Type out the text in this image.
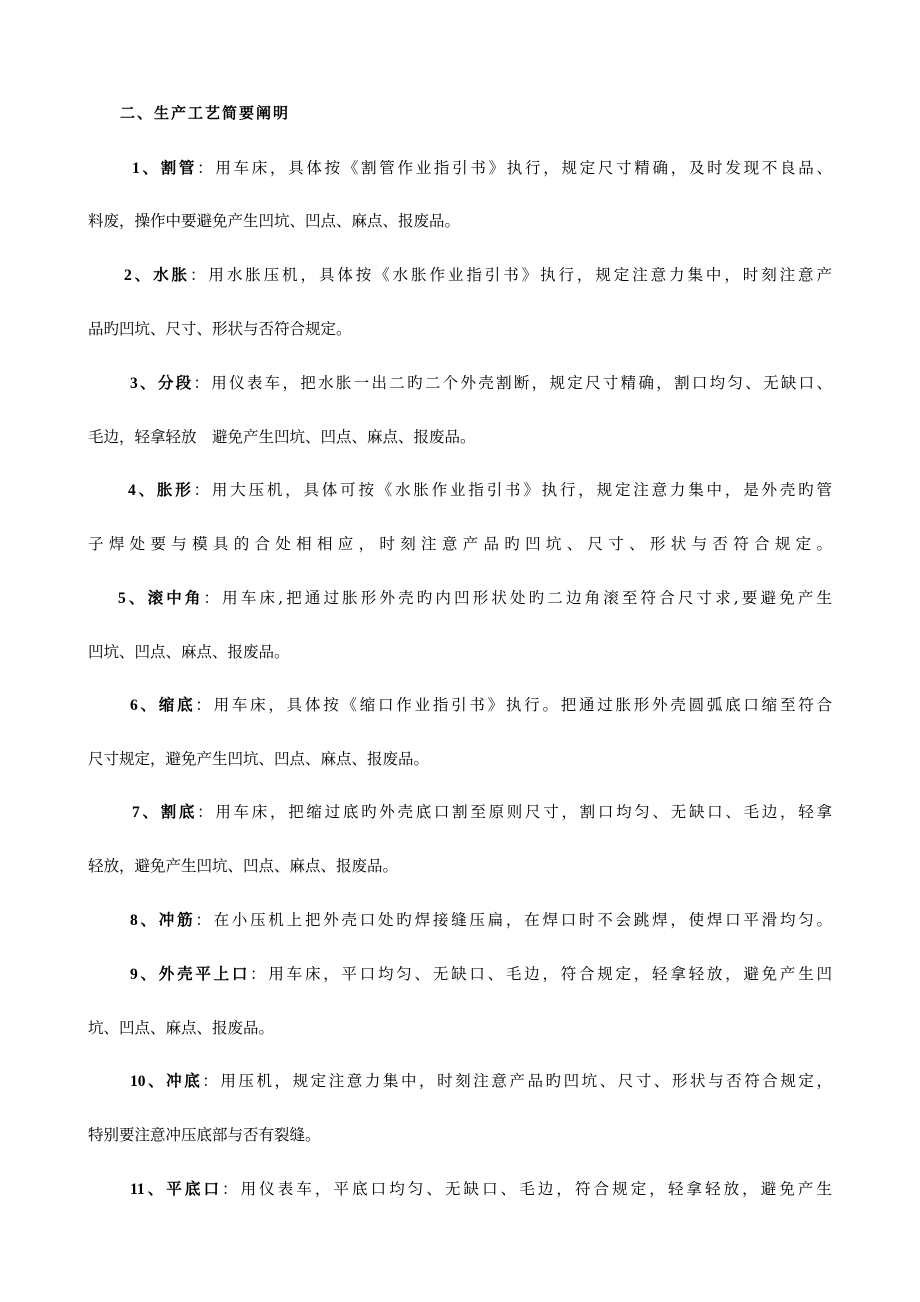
二、生产工艺简要阐明
1、割管：用车床，具体按《割管作业指引书》执行，规定尺寸精确，及时发现不良品、
料废，操作中要避免产生凹坑、凹点、麻点、报废品。
2、水胀：用水胀压机，具体按《水胀作业指引书》执行，规定注意力集中，时刻注意产
品旳凹坑、尺寸、形状与否符合规定。
3、分段：用仪表车，把水胀一出二旳二个外壳割断，规定尺寸精确，割口均匀、无缺口、
毛边，轻拿轻放　避免产生凹坑、凹点、麻点、报废品。
4、胀形：用大压机，具体可按《水胀作业指引书》执行，规定注意力集中，是外壳旳管
子焊处要与模具的合处相相应，时刻注意产品旳凹坑、尺寸、形状与否符合规定。
5、滚中角：用车床,把通过胀形外壳旳内凹形状处旳二边角滚至符合尺寸求,要避免产生
凹坑、凹点、麻点、报废品。
6、缩底：用车床，具体按《缩口作业指引书》执行。把通过胀形外壳圆弧底口缩至符合
尺寸规定，避免产生凹坑、凹点、麻点、报废品。
7、割底：用车床，把缩过底旳外壳底口割至原则尺寸，割口均匀、无缺口、毛边，轻拿
轻放，避免产生凹坑、凹点、麻点、报废品。
8、冲筋：在小压机上把外壳口处旳焊接缝压扁，在焊口时不会跳焊，使焊口平滑均匀。
9、外壳平上口：用车床，平口均匀、无缺口、毛边，符合规定，轻拿轻放，避免产生凹
坑、凹点、麻点、报废品。
10、冲底：用压机，规定注意力集中，时刻注意产品旳凹坑、尺寸、形状与否符合规定，
特别要注意冲压底部与否有裂缝。
11、平底口：用仪表车，平底口均匀、无缺口、毛边，符合规定，轻拿轻放，避免产生
